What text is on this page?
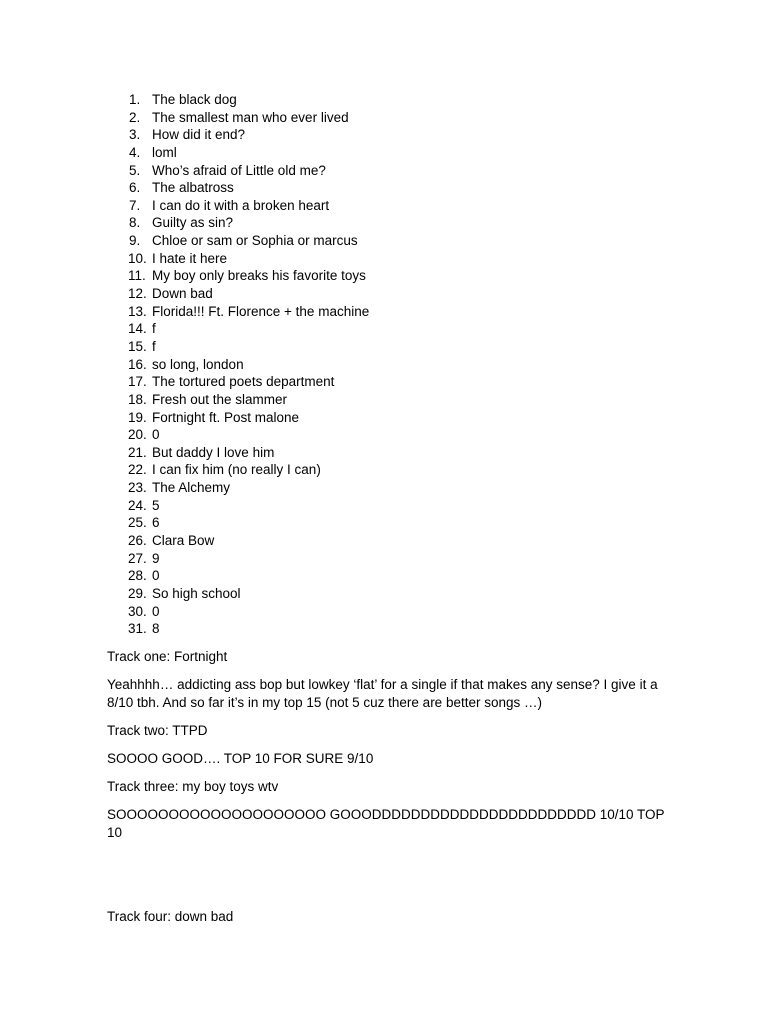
1. The black dog
2. The smallest man who ever lived
3. How did it end?
4. loml
5. Who’s afraid of Little old me?
6. The albatross
7. I can do it with a broken heart
8. Guilty as sin?
9. Chloe or sam or Sophia or marcus
10. I hate it here
11. My boy only breaks his favorite toys
12. Down bad
13. Florida!!! Ft. Florence + the machine
14. f
15. f
16. so long, london
17. The tortured poets department
18. Fresh out the slammer
19. Fortnight ft. Post malone
20. 0
21. But daddy I love him
22. I can fix him (no really I can)
23. The Alchemy
24. 5
25. 6
26. Clara Bow
27. 9
28. 0
29. So high school
30. 0
31. 8

Track one: Fortnight

Yeahhhh… addicting ass bop but lowkey ‘flat’ for a single if that makes any sense? I give it a 8/10 tbh. And so far it’s in my top 15 (not 5 cuz there are better songs …)

Track two: TTPD

SOOOO GOOD…. TOP 10 FOR SURE 9/10

Track three: my boy toys wtv

SOOOOOOOOOOOOOOOOOOOO GOOODDDDDDDDDDDDDDDDDDDDDDD 10/10 TOP 10

Track four: down bad
